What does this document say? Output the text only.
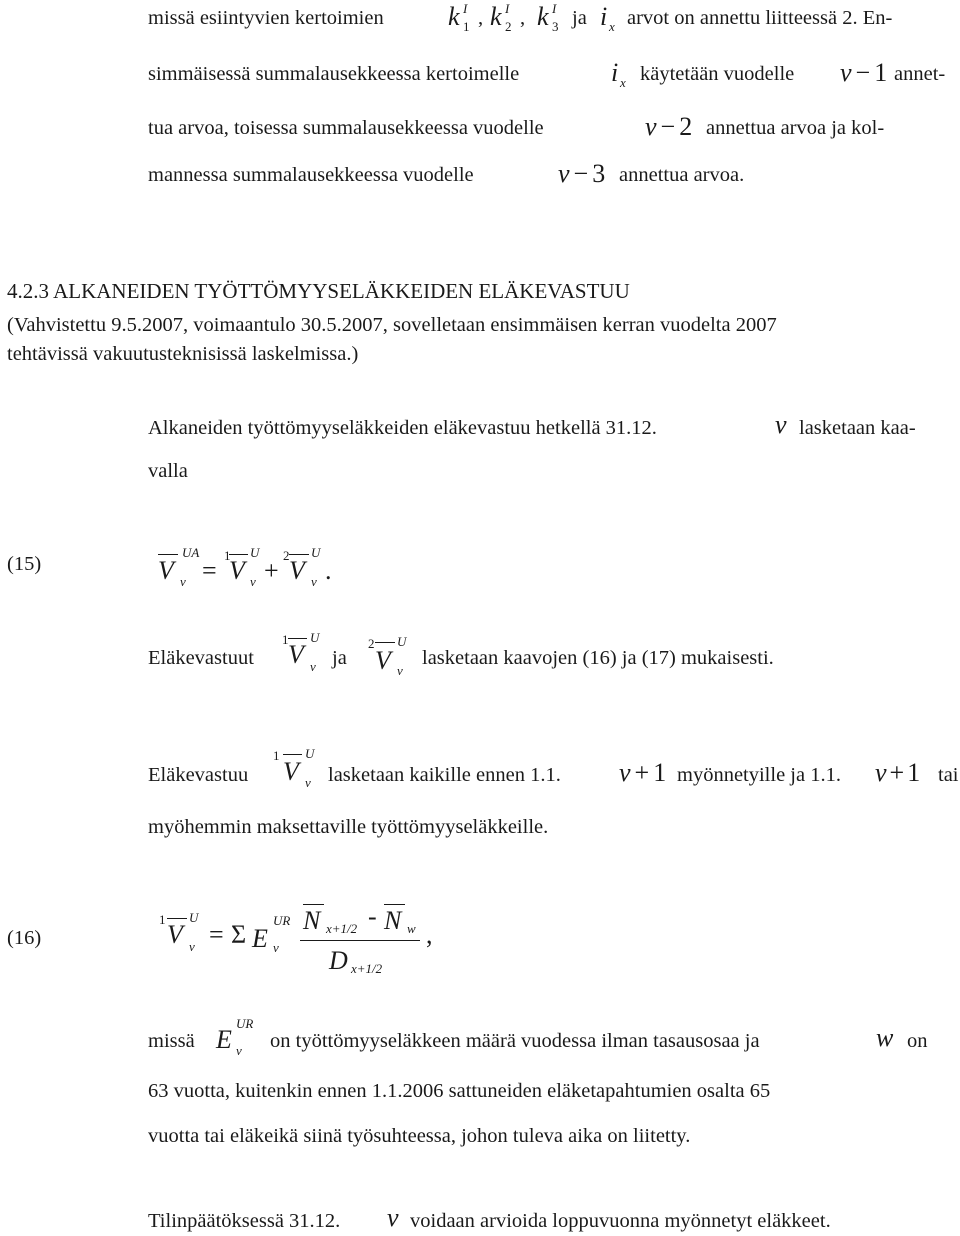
missä esiintyvien kertoimien k I
1 , k I
2 , k I
3 ja i x arvot on annettu liitteessä 2. En-
simmäisessä summalausekkeessa kertoimelle	i x käytetään vuodelle v − 1 annet-
tua arvoa, toisessa summalausekkeessa vuodelle	v − 2 annettua arvoa ja kol-
mannessa summalausekkeessa vuodelle	v − 3 annettua arvoa.
4.2.3 ALKANEIDEN TYÖTTÖMYYSELÄKKEIDEN ELÄKEVASTUU
(Vahvistettu 9.5.2007, voimaantulo 30.5.2007, sovelletaan ensimmäisen kerran vuodelta 2007
tehtävissä vakuutusteknisissä laskelmissa.)
Alkaneiden työttömyyseläkkeiden eläkevastuu hetkellä 31.12.	v lasketaan kaa-
valla
(15)	V
UA
v =
1
V
U
v +
2
V
U
v .
Eläkevastuut
1
V
U
v ja
2
V
U
v
lasketaan kaavojen (16) ja (17) mukaisesti.
Eläkevastuu
1
V
U
v lasketaan kaikille ennen 1.1. v + 1 myönnetyille ja 1.1. v + 1 tai
myöhemmin maksettaville työttömyyseläkkeille.
(16)
1
V
U
v = Σ E
UR
v
N x+1/2 - N w
D x+1/2
,
missä E
UR
v on työttömyyseläkkeen määrä vuodessa ilman tasausosaa ja	w on
63 vuotta, kuitenkin ennen 1.1.2006 sattuneiden eläketapahtumien osalta 65
vuotta tai eläkeikä siinä työsuhteessa, johon tuleva aika on liitetty.
Tilinpäätöksessä 31.12. v voidaan arvioida loppuvuonna myönnetyt eläkkeet.
